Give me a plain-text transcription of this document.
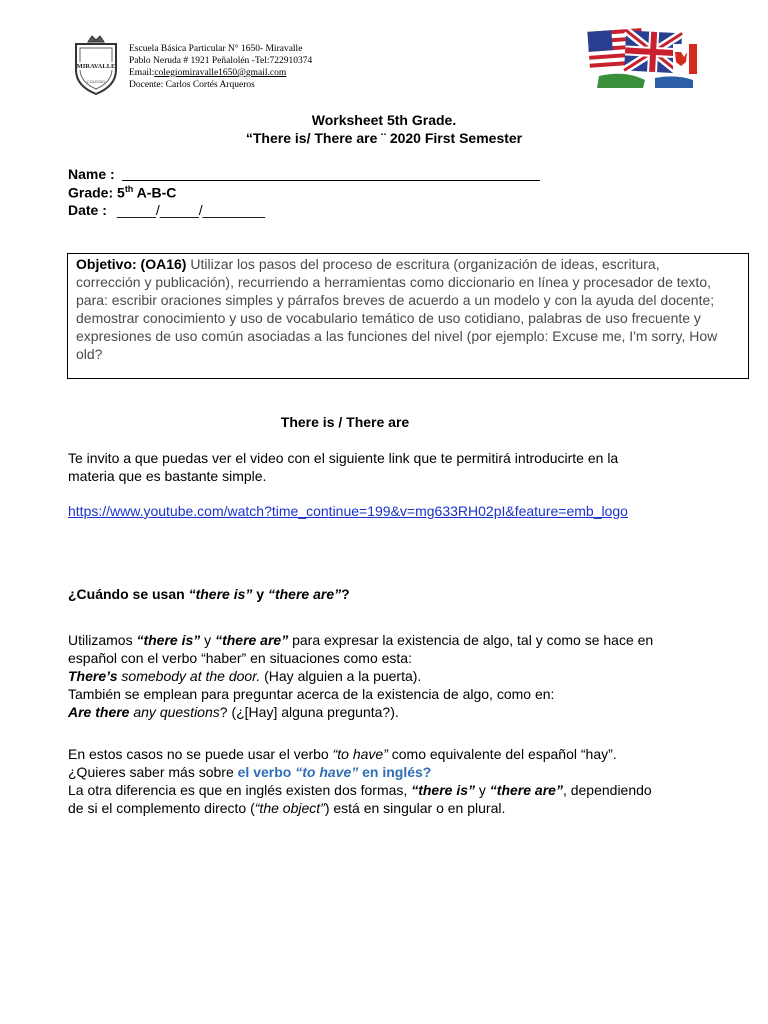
MIRAVALLE
COLEGIO
Escuela Básica Particular N° 1650- Miravalle
Pablo Neruda # 1921 Peñalolén -Tel:722910374
Email:colegiomiravalle1650@gmail.com
Docente: Carlos Cortés Arqueros
Worksheet 5th Grade.
“There is/ There are ¨ 2020 First Semester
Name :
Grade: 5th A-B-C
Date : _____/_____/________
Objetivo: (OA16) Utilizar los pasos del proceso de escritura (organización de ideas, escritura,
corrección y publicación), recurriendo a herramientas como diccionario en línea y procesador de texto,
para: escribir oraciones simples y párrafos breves de acuerdo a un modelo y con la ayuda del docente;
demostrar conocimiento y uso de vocabulario temático de uso cotidiano, palabras de uso frecuente y
expresiones de uso común asociadas a las funciones del nivel (por ejemplo: Excuse me, I'm sorry, How
old?
There is / There are
Te invito a que puedas ver el video con el siguiente link que te permitirá introducirte en la
materia que es bastante simple.
https://www.youtube.com/watch?time_continue=199&v=mg633RH02pI&feature=emb_logo
¿Cuándo se usan “there is” y “there are”?
Utilizamos “there is” y “there are” para expresar la existencia de algo, tal y como se hace en
español con el verbo “haber” en situaciones como esta:
There’s somebody at the door. (Hay alguien a la puerta).
También se emplean para preguntar acerca de la existencia de algo, como en:
Are there any questions? (¿[Hay] alguna pregunta?).
En estos casos no se puede usar el verbo “to have” como equivalente del español “hay”.
¿Quieres saber más sobre el verbo “to have” en inglés?
La otra diferencia es que en inglés existen dos formas, “there is” y “there are”, dependiendo
de si el complemento directo (“the object”) está en singular o en plural.
